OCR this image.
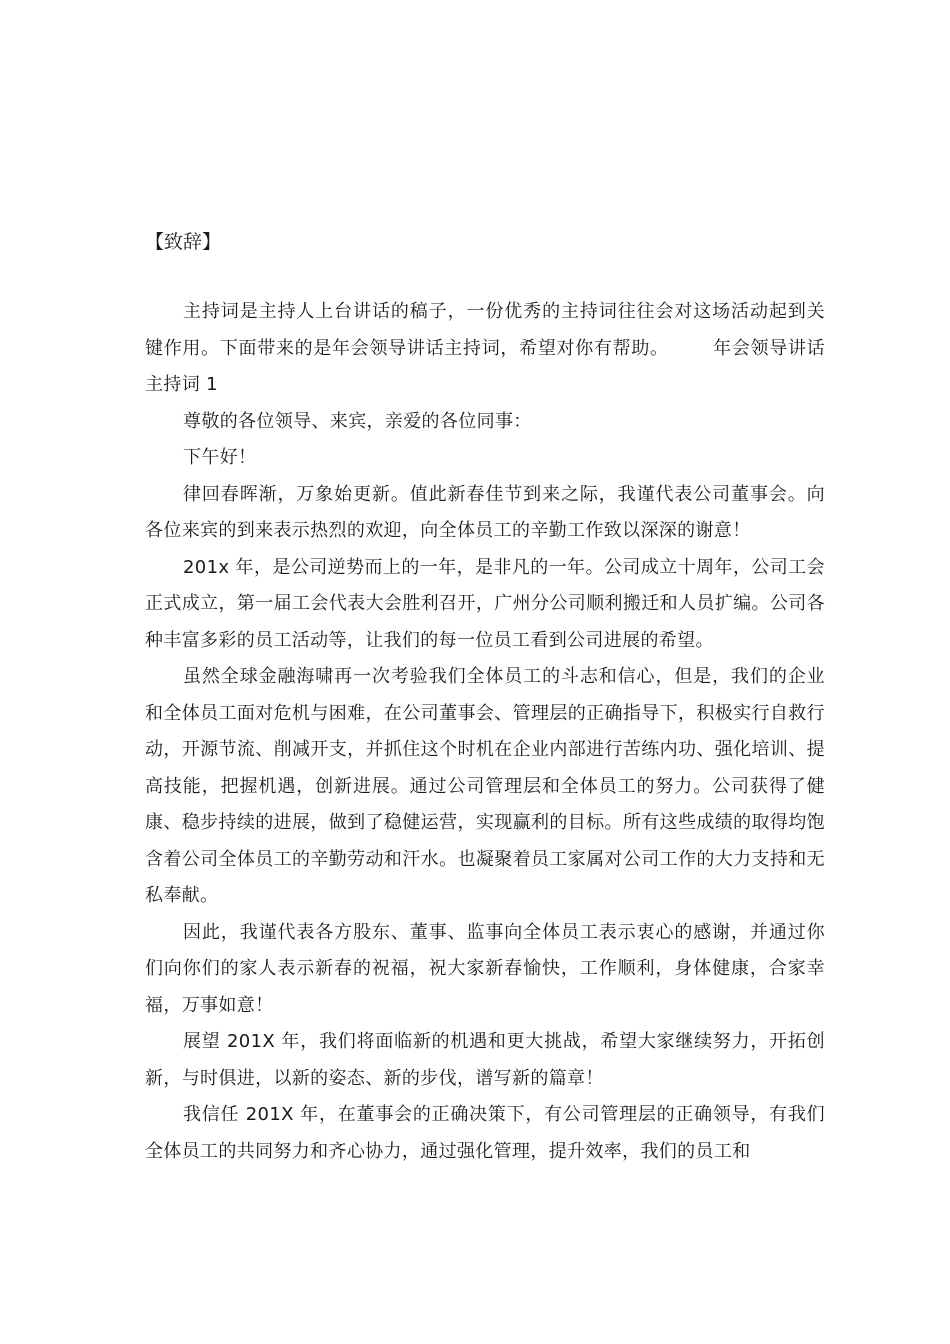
【致辞】

主持词是主持人上台讲话的稿子，一份优秀的主持词往往会对这场活动起到关键作用。下面带来的是年会领导讲话主持词，希望对你有帮助。 年会领导讲话主持词 1

尊敬的各位领导、来宾，亲爱的各位同事：

下午好！

律回春晖渐，万象始更新。值此新春佳节到来之际，我谨代表公司董事会。向各位来宾的到来表示热烈的欢迎，向全体员工的辛勤工作致以深深的谢意！

201x 年，是公司逆势而上的一年，是非凡的一年。公司成立十周年，公司工会正式成立，第一届工会代表大会胜利召开，广州分公司顺利搬迁和人员扩编。公司各种丰富多彩的员工活动等，让我们的每一位员工看到公司进展的希望。

虽然全球金融海啸再一次考验我们全体员工的斗志和信心，但是，我们的企业和全体员工面对危机与困难，在公司董事会、管理层的正确指导下，积极实行自救行动，开源节流、削减开支，并抓住这个时机在企业内部进行苦练内功、强化培训、提高技能，把握机遇，创新进展。通过公司管理层和全体员工的努力。公司获得了健康、稳步持续的进展，做到了稳健运营，实现赢利的目标。所有这些成绩的取得均饱含着公司全体员工的辛勤劳动和汗水。也凝聚着员工家属对公司工作的大力支持和无私奉献。

因此，我谨代表各方股东、董事、监事向全体员工表示衷心的感谢，并通过你们向你们的家人表示新春的祝福，祝大家新春愉快，工作顺利，身体健康，合家幸福，万事如意！

展望 201X 年，我们将面临新的机遇和更大挑战，希望大家继续努力，开拓创新，与时俱进，以新的姿态、新的步伐，谱写新的篇章！

我信任 201X 年，在董事会的正确决策下，有公司管理层的正确领导，有我们全体员工的共同努力和齐心协力，通过强化管理，提升效率，我们的员工和
